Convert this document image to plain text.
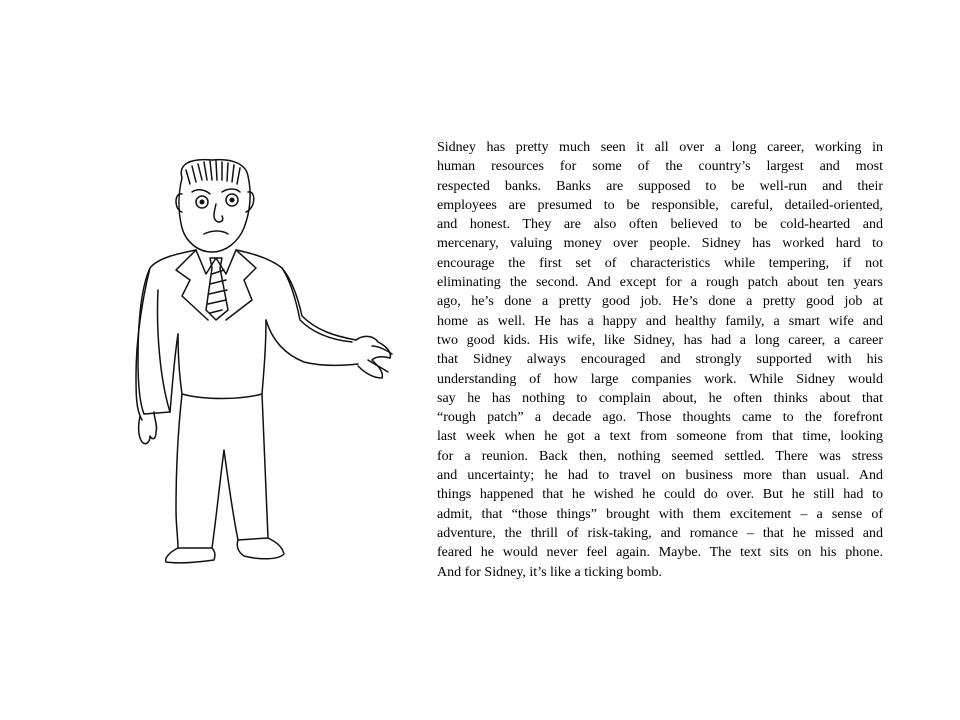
Sidney has pretty much seen it all over a long career, working in
human resources for some of the country’s largest and most
respected banks. Banks are supposed to be well-run and their
employees are presumed to be responsible, careful, detailed-oriented,
and honest. They are also often believed to be cold-hearted and
mercenary, valuing money over people. Sidney has worked hard to
encourage the first set of characteristics while tempering, if not
eliminating the second. And except for a rough patch about ten years
ago, he’s done a pretty good job. He’s done a pretty good job at
home as well. He has a happy and healthy family, a smart wife and
two good kids. His wife, like Sidney, has had a long career, a career
that Sidney always encouraged and strongly supported with his
understanding of how large companies work. While Sidney would
say he has nothing to complain about, he often thinks about that
“rough patch” a decade ago. Those thoughts came to the forefront
last week when he got a text from someone from that time, looking
for a reunion. Back then, nothing seemed settled. There was stress
and uncertainty; he had to travel on business more than usual. And
things happened that he wished he could do over. But he still had to
admit, that “those things” brought with them excitement – a sense of
adventure, the thrill of risk-taking, and romance – that he missed and
feared he would never feel again. Maybe. The text sits on his phone.
And for Sidney, it’s like a ticking bomb.
